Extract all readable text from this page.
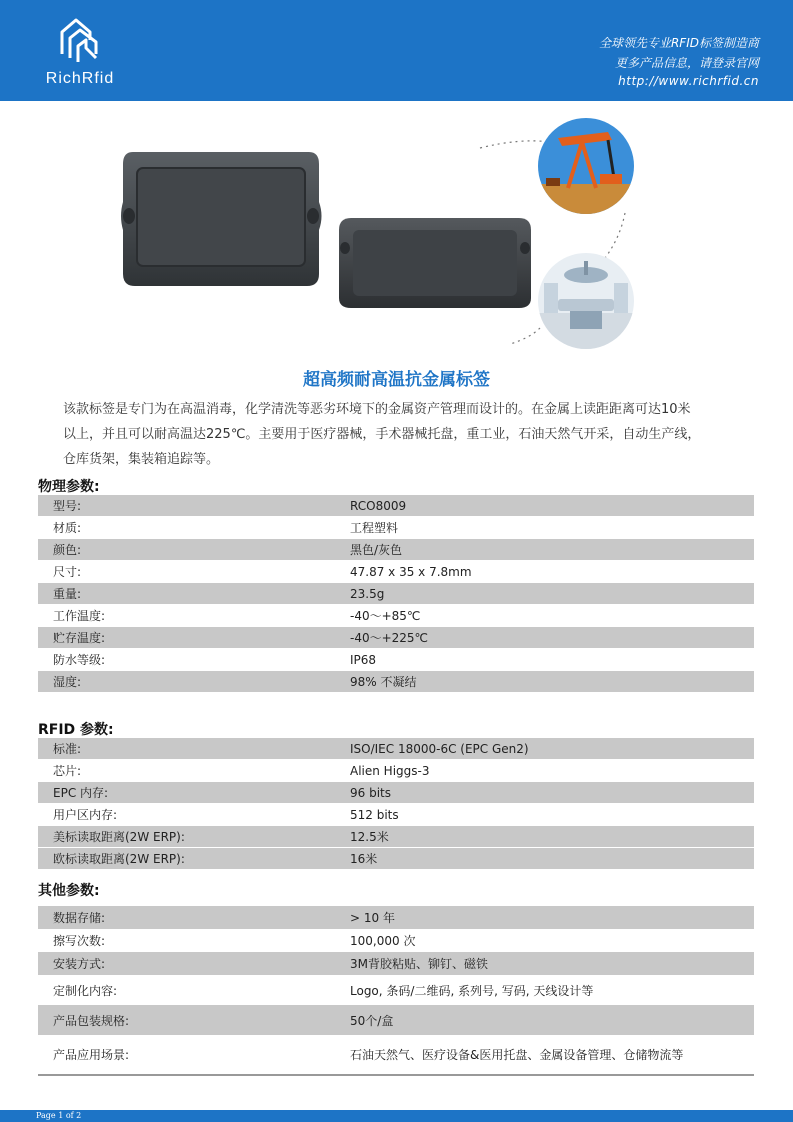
RichRfid
全球领先专业RFID标签制造商
更多产品信息，请登录官网
http://www.richrfid.cn
超高频耐高温抗金属标签
该款标签是专门为在高温消毒，化学清洗等恶劣环境下的金属资产管理而设计的。在金属上读距距离可达10米
以上，并且可以耐高温达225℃。主要用于医疗器械，手术器械托盘，重工业，石油天然气开采，自动生产线，
仓库货架，集装箱追踪等。
物理参数:
型号:	RCO8009
材质:	工程塑料
颜色:	黑色/灰色
尺寸:	47.87 x 35 x 7.8mm
重量:	23.5g
工作温度:	-40～+85℃
贮存温度:	-40～+225℃
防水等级:	IP68
湿度:	98% 不凝结
RFID 参数:
标准:	ISO/IEC 18000-6C (EPC Gen2)
芯片:	Alien Higgs-3
EPC 内存:	96 bits
用户区内存:	512 bits
美标读取距离(2W ERP):	12.5米
欧标读取距离(2W ERP):	16米
其他参数:
数据存储:	> 10 年
擦写次数:	100,000 次
安装方式:	3M背胶粘贴、铆钉、磁铁
定制化内容:	Logo, 条码/二维码, 系列号, 写码, 天线设计等
产品包装规格:	50个/盒
产品应用场景:	石油天然气、医疗设备&医用托盘、金属设备管理、仓储物流等
Page 1 of 2
